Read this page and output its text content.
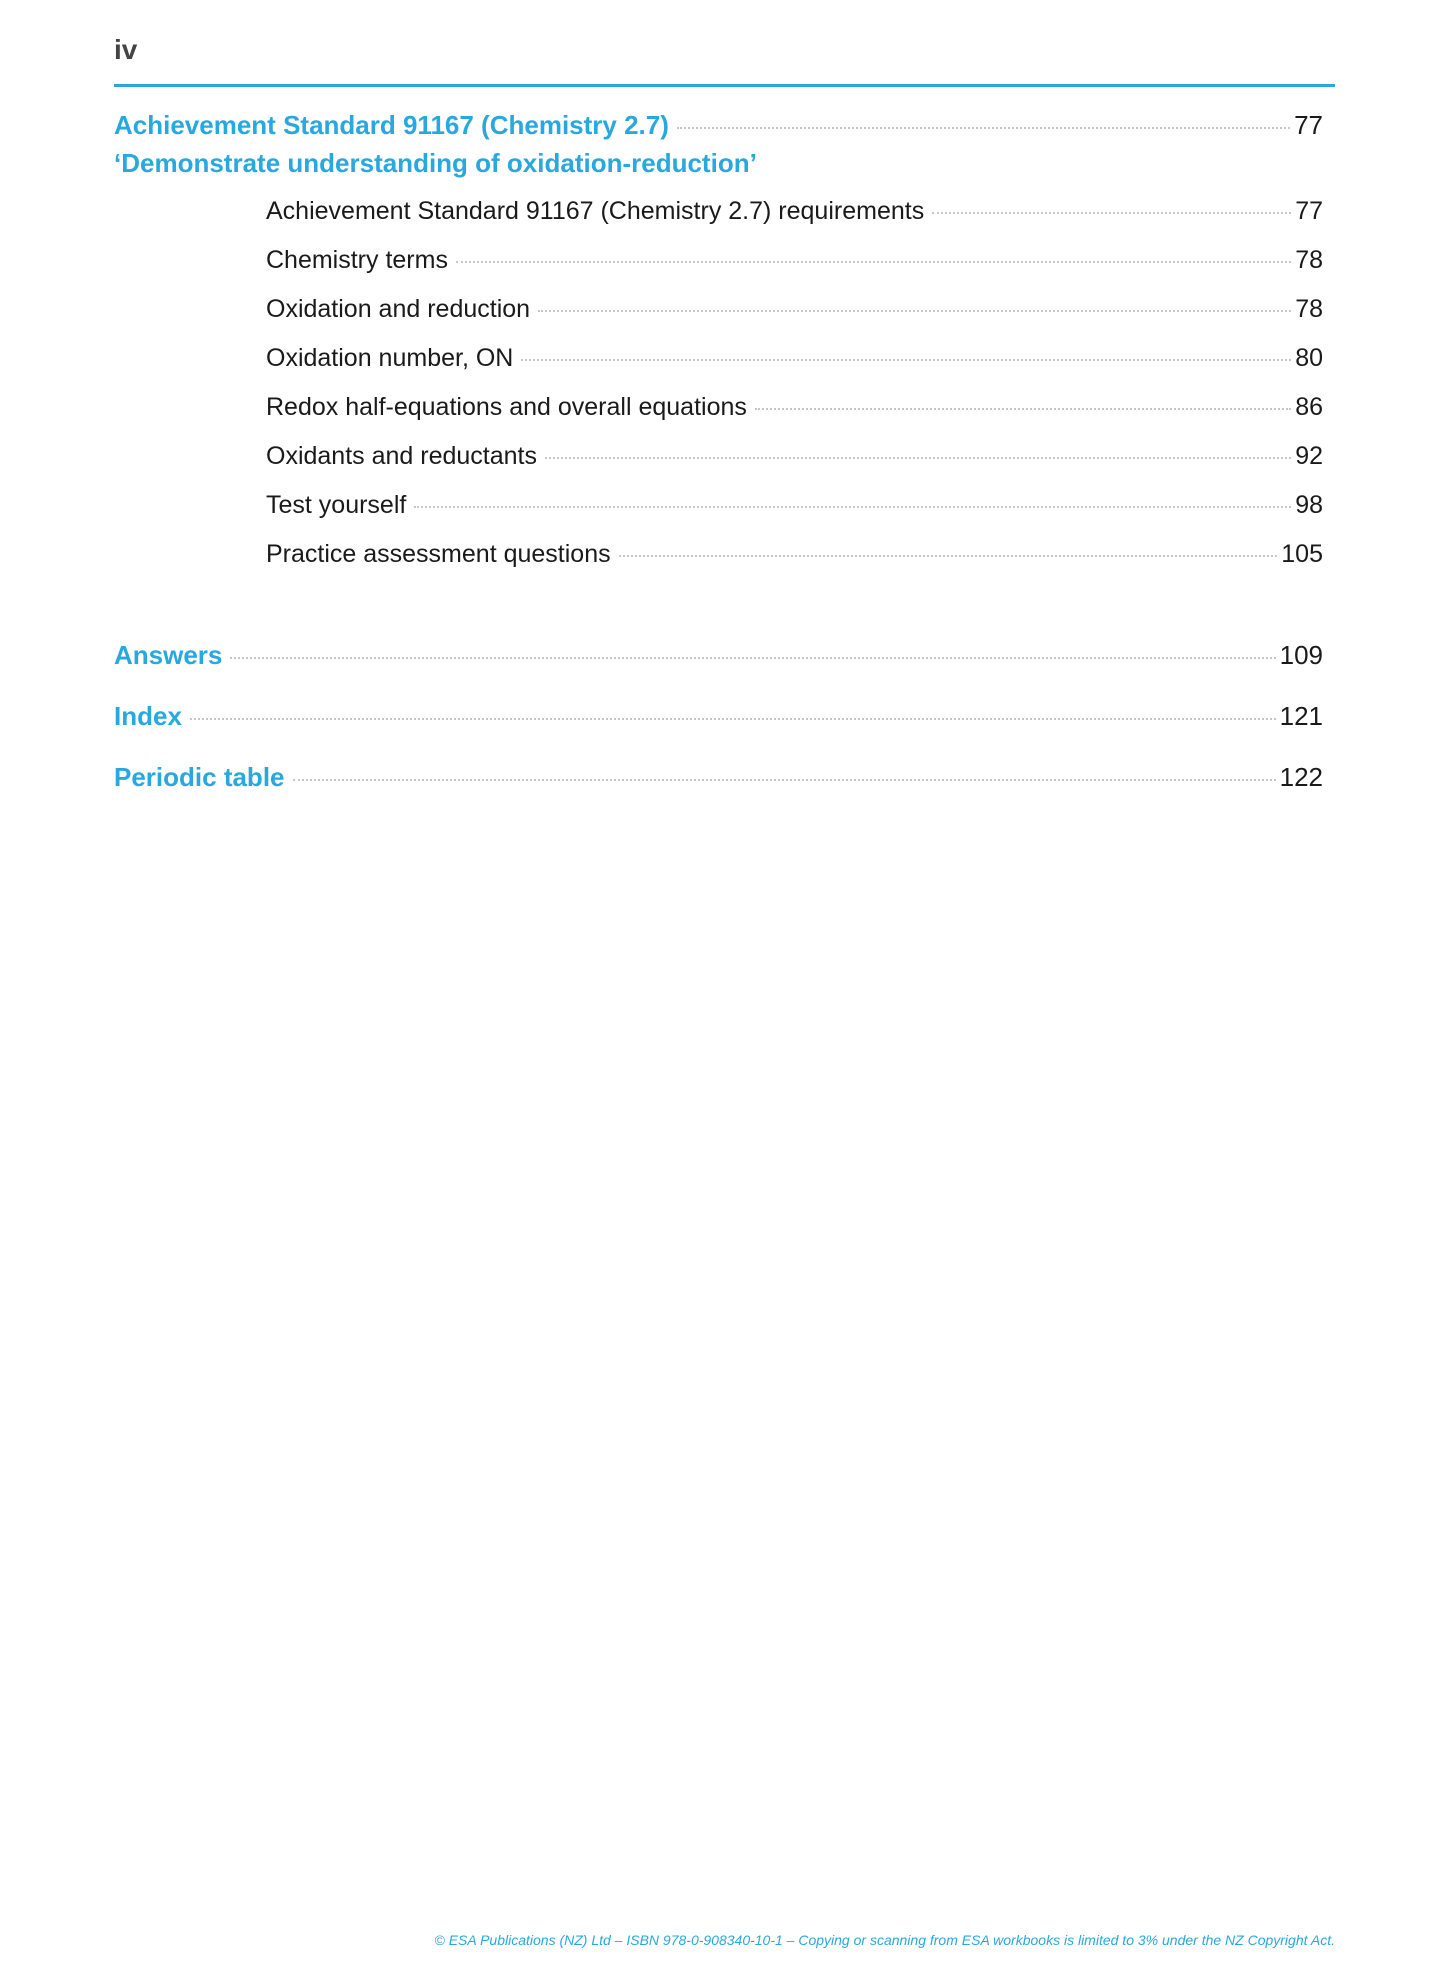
iv
Achievement Standard 91167 (Chemistry 2.7)	77
‘Demonstrate understanding of oxidation-reduction’
Achievement Standard 91167 (Chemistry 2.7) requirements	77
Chemistry terms	78
Oxidation and reduction	78
Oxidation number, ON	80
Redox half-equations and overall equations	86
Oxidants and reductants	92
Test yourself	98
Practice assessment questions	105
Answers	109
Index	121
Periodic table	122
© ESA Publications (NZ) Ltd – ISBN 978-0-908340-10-1 – Copying or scanning from ESA workbooks is limited to 3% under the NZ Copyright Act.
